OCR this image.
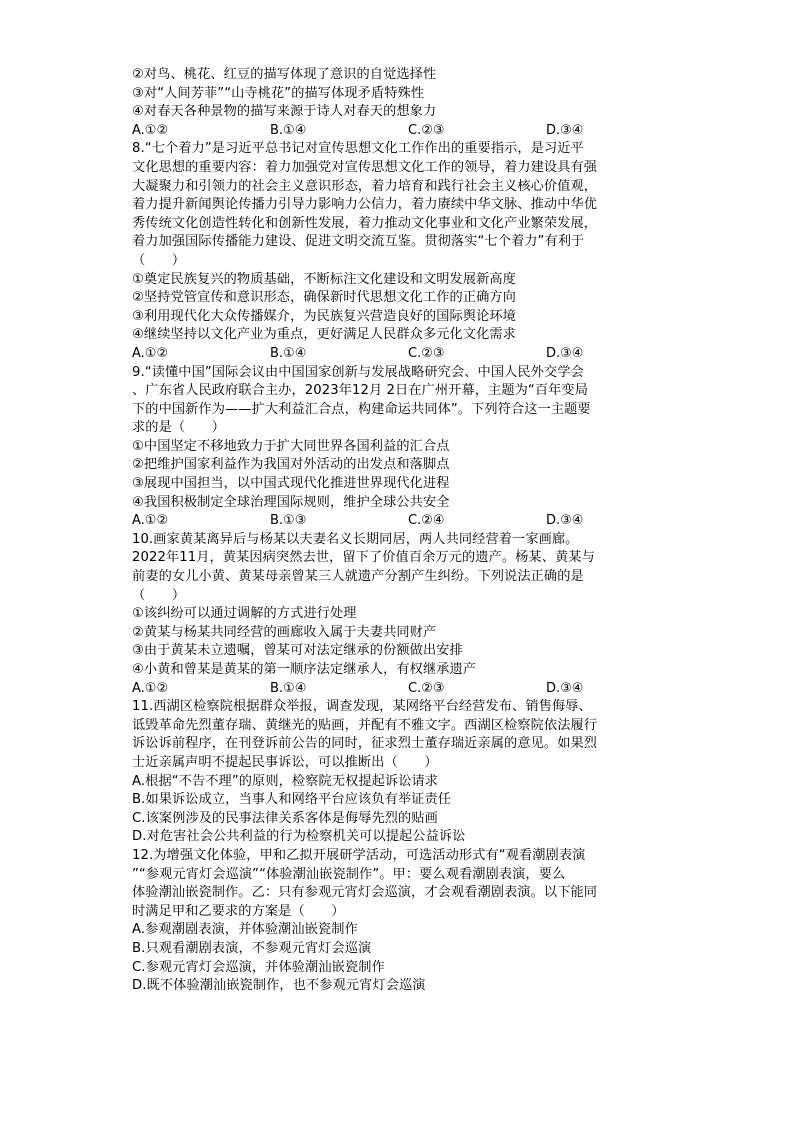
②对鸟、桃花、红豆的描写体现了意识的自觉选择性
③对“人间芳菲”“山寺桃花”的描写体现矛盾特殊性
④对春天各种景物的描写来源于诗人对春天的想象力
A.①②	B.①④	C.②③	D.③④
8.“七个着力”是习近平总书记对宣传思想文化工作作出的重要指示，是习近平
文化思想的重要内容：着力加强党对宣传思想文化工作的领导，着力建设具有强
大凝聚力和引领力的社会主义意识形态，着力培育和践行社会主义核心价值观，
着力提升新闻舆论传播力引导力影响力公信力，着力赓续中华文脉、推动中华优
秀传统文化创造性转化和创新性发展，着力推动文化事业和文化产业繁荣发展，
着力加强国际传播能力建设、促进文明交流互鉴。贯彻落实“七个着力”有利于
（　　）
①奠定民族复兴的物质基础，不断标注文化建设和文明发展新高度
②坚持党管宣传和意识形态，确保新时代思想文化工作的正确方向
③利用现代化大众传播媒介，为民族复兴营造良好的国际舆论环境
④继续坚持以文化产业为重点，更好满足人民群众多元化文化需求
A.①②	B.①④	C.②③	D.③④
9.“读懂中国”国际会议由中国国家创新与发展战略研究会、中国人民外交学会
、广东省人民政府联合主办，2023年12月 2日在广州开幕，主题为“百年变局
下的中国新作为——扩大利益汇合点，构建命运共同体”。下列符合这一主题要
求的是（　　）
①中国坚定不移地致力于扩大同世界各国利益的汇合点
②把维护国家利益作为我国对外活动的出发点和落脚点
③展现中国担当，以中国式现代化推进世界现代化进程
④我国积极制定全球治理国际规则，维护全球公共安全
A.①②	B.①③	C.②④	D.③④
10.画家黄某离异后与杨某以夫妻名义长期同居，两人共同经营着一家画廊。
2022年11月，黄某因病突然去世，留下了价值百余万元的遗产。杨某、黄某与
前妻的女儿小黄、黄某母亲曾某三人就遗产分割产生纠纷。下列说法正确的是
（　　）
①该纠纷可以通过调解的方式进行处理
②黄某与杨某共同经营的画廊收入属于夫妻共同财产
③由于黄某未立遗嘱，曾某可对法定继承的份额做出安排
④小黄和曾某是黄某的第一顺序法定继承人，有权继承遗产
A.①②	B.①④	C.②③	D.③④
11.西湖区检察院根据群众举报，调查发现，某网络平台经营发布、销售侮辱、
诋毁革命先烈董存瑞、黄继光的贴画，并配有不雅文字。西湖区检察院依法履行
诉讼诉前程序，在刊登诉前公告的同时，征求烈士董存瑞近亲属的意见。如果烈
士近亲属声明不提起民事诉讼，可以推断出（　　）
A.根据“不告不理”的原则，检察院无权提起诉讼请求
B.如果诉讼成立，当事人和网络平台应该负有举证责任
C.该案例涉及的民事法律关系客体是侮辱先烈的贴画
D.对危害社会公共利益的行为检察机关可以提起公益诉讼
12.为增强文化体验，甲和乙拟开展研学活动，可选活动形式有“观看潮剧表演
”“参观元宵灯会巡演”“体验潮汕嵌瓷制作”。甲：要么观看潮剧表演，要么
体验潮汕嵌瓷制作。乙：只有参观元宵灯会巡演，才会观看潮剧表演。以下能同
时满足甲和乙要求的方案是（　　）
A.参观潮剧表演，并体验潮汕嵌瓷制作
B.只观看潮剧表演，不参观元宵灯会巡演
C.参观元宵灯会巡演，并体验潮汕嵌瓷制作
D.既不体验潮汕嵌瓷制作，也不参观元宵灯会巡演
